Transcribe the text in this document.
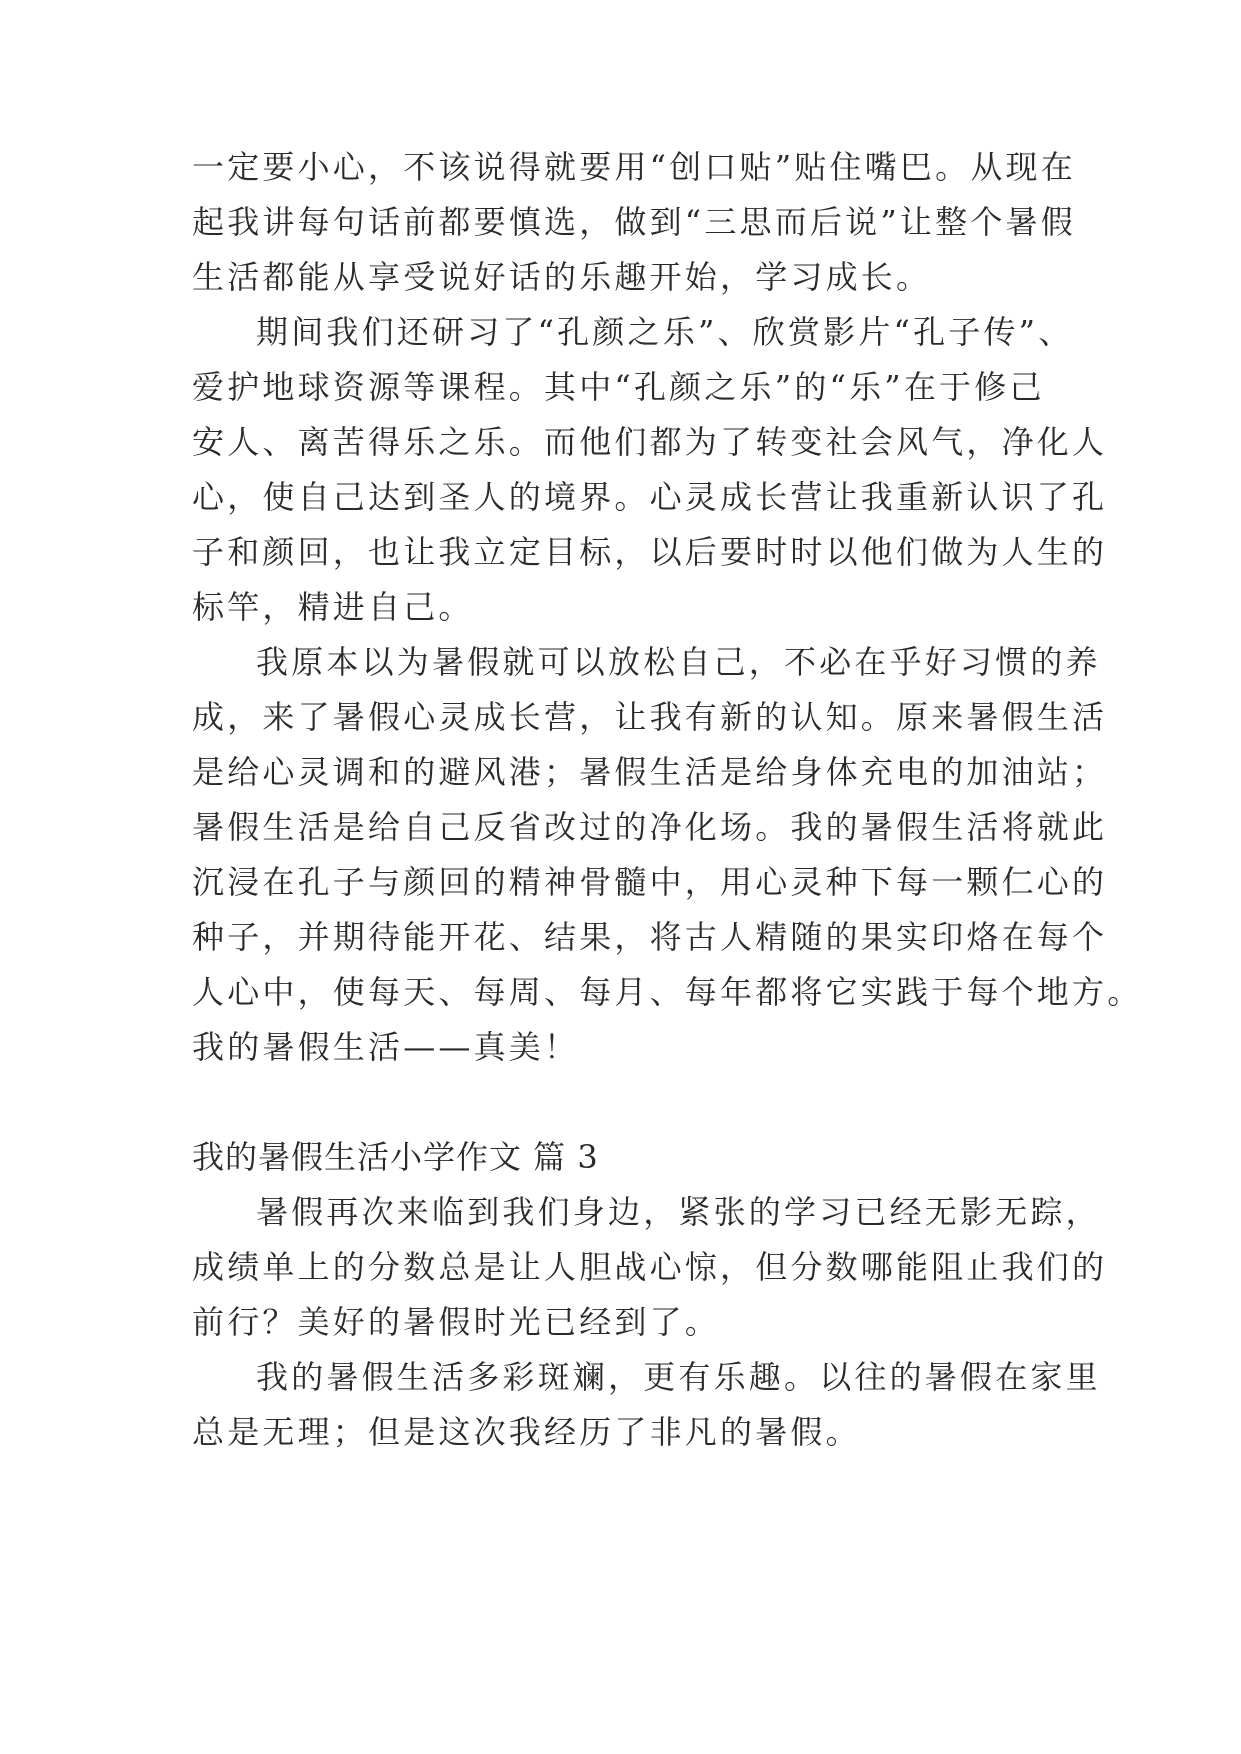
一定要小心，不该说得就要用“创口贴”贴住嘴巴。从现在
起我讲每句话前都要慎选，做到“三思而后说”让整个暑假
生活都能从享受说好话的乐趣开始，学习成长。
期间我们还研习了“孔颜之乐”、欣赏影片“孔子传”、
爱护地球资源等课程。其中“孔颜之乐”的“乐”在于修己
安人、离苦得乐之乐。而他们都为了转变社会风气，净化人
心，使自己达到圣人的境界。心灵成长营让我重新认识了孔
子和颜回，也让我立定目标，以后要时时以他们做为人生的
标竿，精进自己。
我原本以为暑假就可以放松自己，不必在乎好习惯的养
成，来了暑假心灵成长营，让我有新的认知。原来暑假生活
是给心灵调和的避风港；暑假生活是给身体充电的加油站；
暑假生活是给自己反省改过的净化场。我的暑假生活将就此
沉浸在孔子与颜回的精神骨髓中，用心灵种下每一颗仁心的
种子，并期待能开花、结果，将古人精随的果实印烙在每个
人心中，使每天、每周、每月、每年都将它实践于每个地方。
我的暑假生活——真美！
我的暑假生活小学作文 篇 3
暑假再次来临到我们身边，紧张的学习已经无影无踪，
成绩单上的分数总是让人胆战心惊，但分数哪能阻止我们的
前行？美好的暑假时光已经到了。
我的暑假生活多彩斑斓，更有乐趣。以往的暑假在家里
总是无理；但是这次我经历了非凡的暑假。
